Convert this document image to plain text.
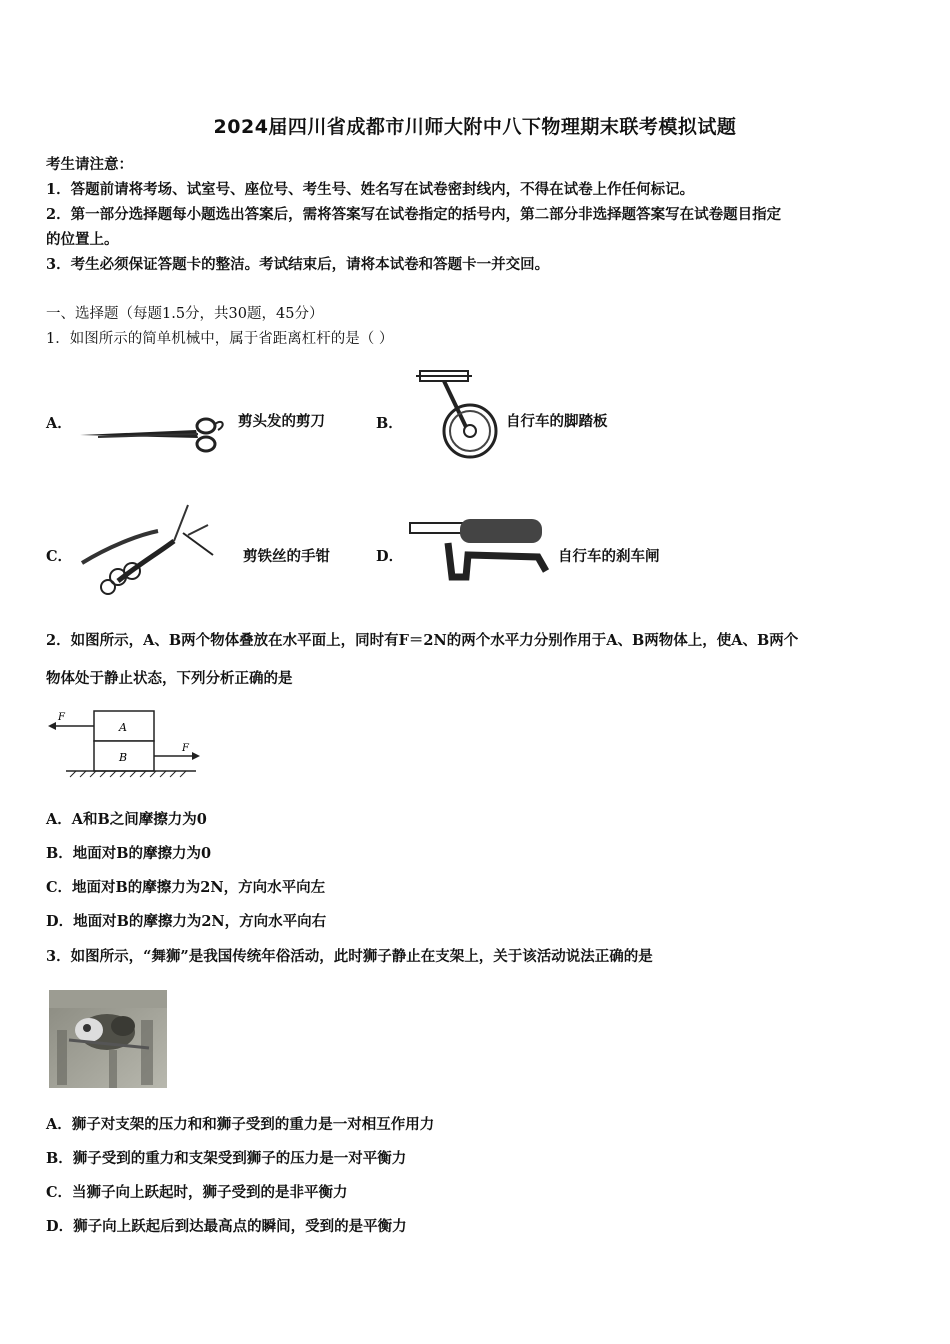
2024届四川省成都市川师大附中八下物理期末联考模拟试题
考生请注意：
1．答题前请将考场、试室号、座位号、考生号、姓名写在试卷密封线内，不得在试卷上作任何标记。
2．第一部分选择题每小题选出答案后，需将答案写在试卷指定的括号内，第二部分非选择题答案写在试卷题目指定
的位置上。
3．考生必须保证答题卡的整洁。考试结束后，请将本试卷和答题卡一并交回。
一、选择题（每题1.5分，共30题，45分）
1．如图所示的简单机械中，属于省距离杠杆的是（ ）
A．	剪头发的剪刀	B．	自行车的脚踏板
C．	剪铁丝的手钳	D．	自行车的刹车闸
2．如图所示，A、B两个物体叠放在水平面上，同时有F＝2N的两个水平力分别作用于A、B两物体上，使A、B两个
物体处于静止状态，下列分析正确的是
A
B
F
F
A．A和B之间摩擦力为0
B．地面对B的摩擦力为0
C．地面对B的摩擦力为2N，方向水平向左
D．地面对B的摩擦力为2N，方向水平向右
3．如图所示，“舞狮”是我国传统年俗活动，此时狮子静止在支架上，关于该活动说法正确的是
A．狮子对支架的压力和和狮子受到的重力是一对相互作用力
B．狮子受到的重力和支架受到狮子的压力是一对平衡力
C．当狮子向上跃起时，狮子受到的是非平衡力
D．狮子向上跃起后到达最高点的瞬间，受到的是平衡力
